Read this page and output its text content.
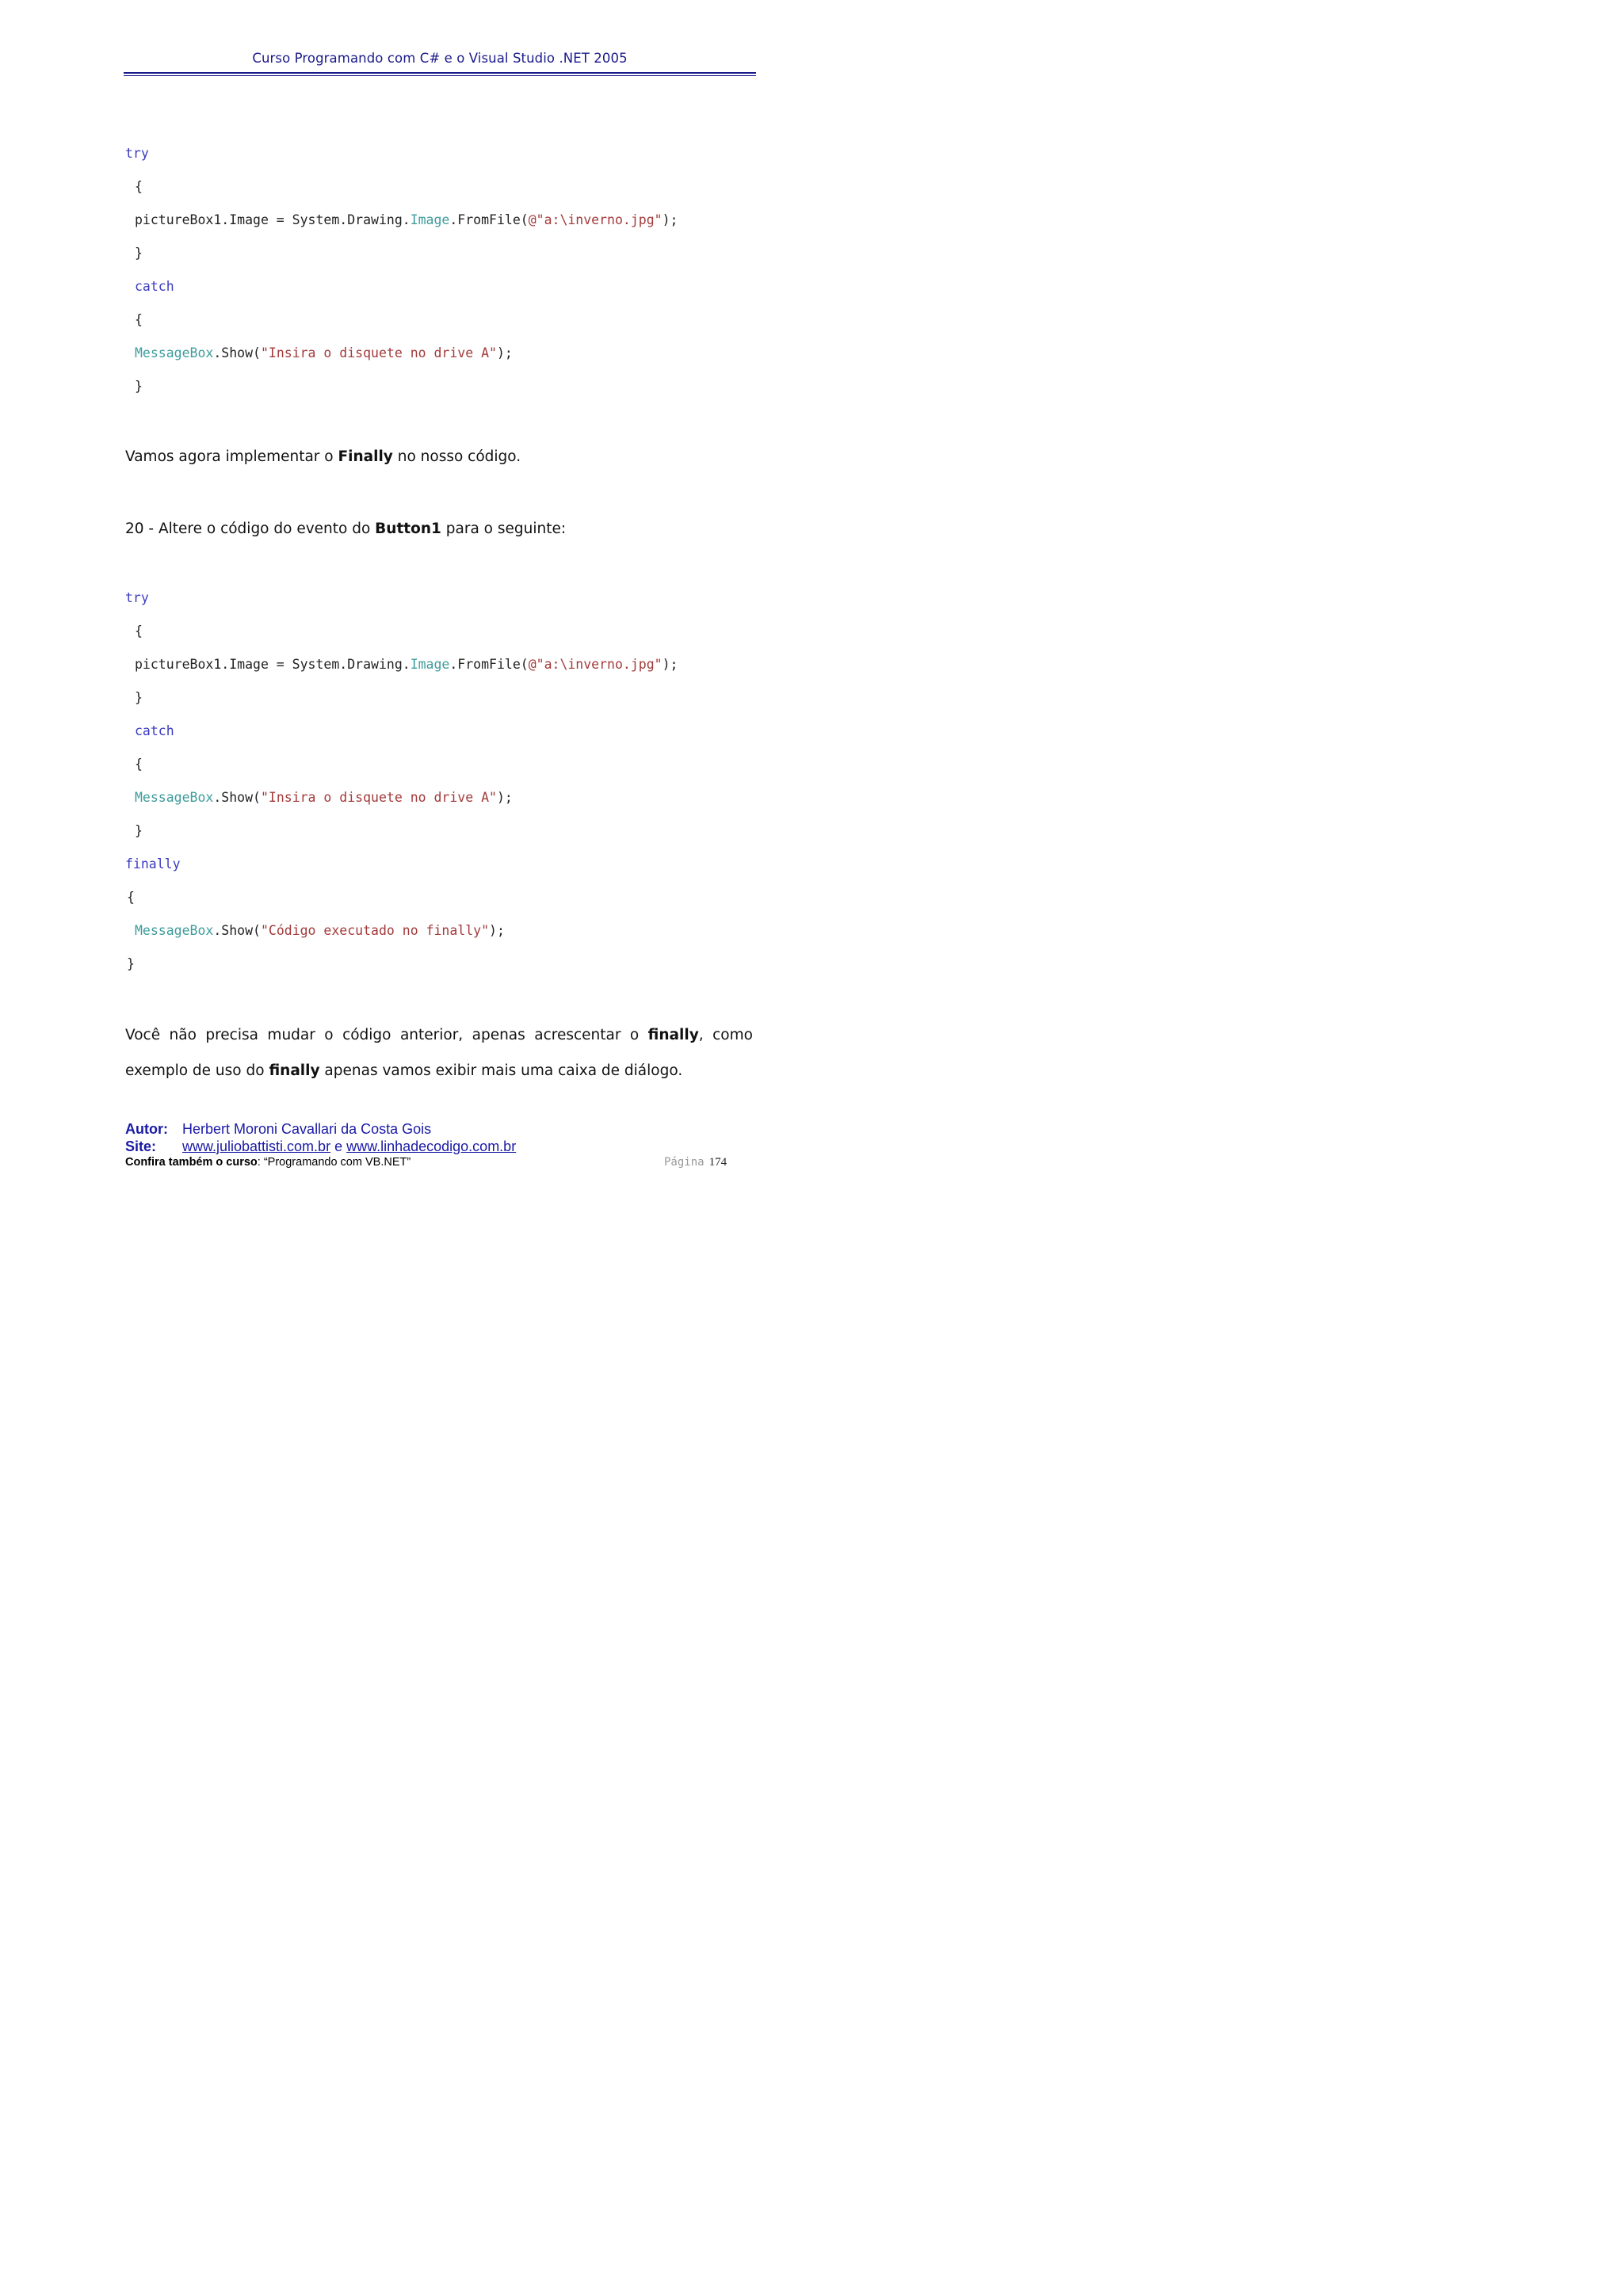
Curso Programando com C# e o Visual Studio .NET 2005
try
{
pictureBox1.Image = System.Drawing.Image.FromFile(@"a:\inverno.jpg");
}
catch
{
MessageBox.Show("Insira o disquete no drive A");
}
Vamos agora implementar o Finally no nosso código.
20 - Altere o código do evento do Button1 para o seguinte:
try
{
pictureBox1.Image = System.Drawing.Image.FromFile(@"a:\inverno.jpg");
}
catch
{
MessageBox.Show("Insira o disquete no drive A");
}
finally
{
MessageBox.Show("Código executado no finally");
}
Você não precisa mudar o código anterior, apenas acrescentar o finally, como
exemplo de uso do finally apenas vamos exibir mais uma caixa de diálogo.
Autor: Herbert Moroni Cavallari da Costa Gois
Site: www.juliobattisti.com.br e www.linhadecodigo.com.br
Confira também o curso: “Programando com VB.NET”	Página 174
